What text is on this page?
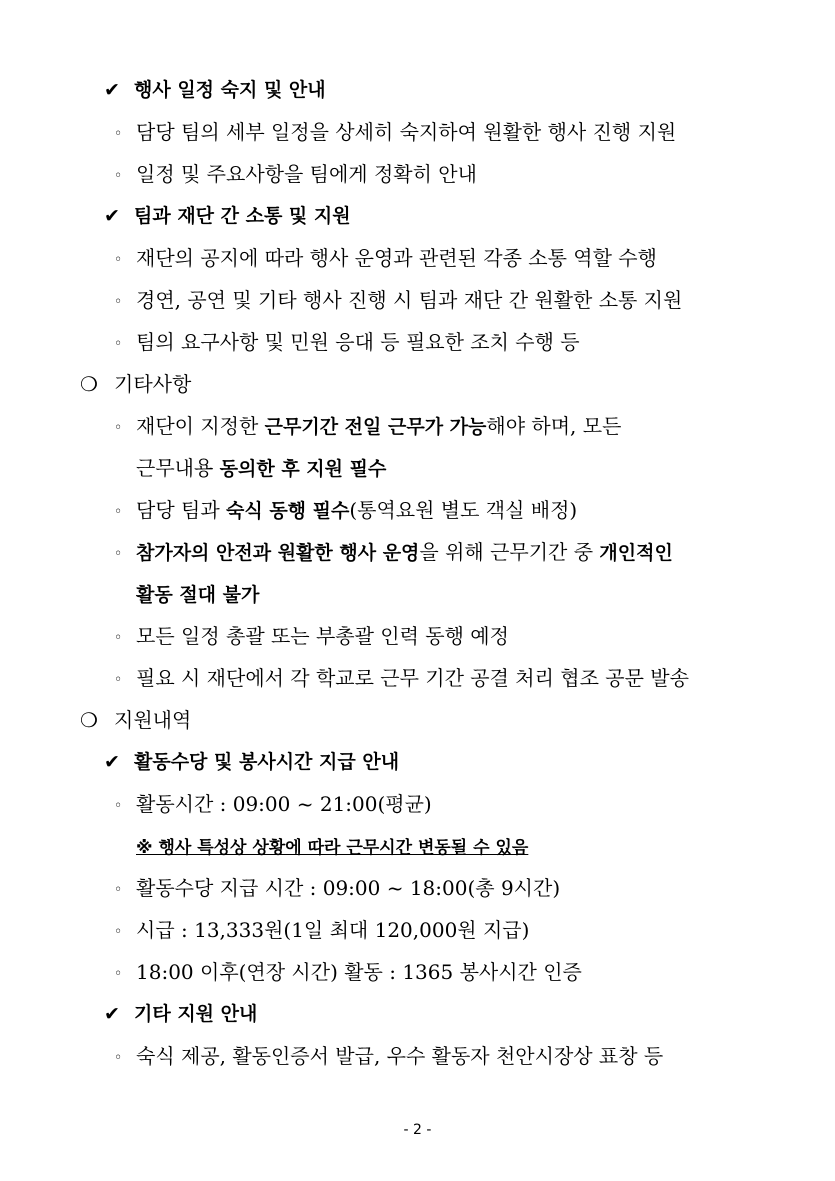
✔ 행사 일정 숙지 및 안내
◦ 담당 팀의 세부 일정을 상세히 숙지하여 원활한 행사 진행 지원
◦ 일정 및 주요사항을 팀에게 정확히 안내
✔ 팀과 재단 간 소통 및 지원
◦ 재단의 공지에 따라 행사 운영과 관련된 각종 소통 역할 수행
◦ 경연, 공연 및 기타 행사 진행 시 팀과 재단 간 원활한 소통 지원
◦ 팀의 요구사항 및 민원 응대 등 필요한 조치 수행 등
❍ 기타사항
◦ 재단이 지정한 근무기간 전일 근무가 가능해야 하며, 모든
근무내용 동의한 후 지원 필수
◦ 담당 팀과 숙식 동행 필수(통역요원 별도 객실 배정)
◦ 참가자의 안전과 원활한 행사 운영을 위해 근무기간 중 개인적인
활동 절대 불가
◦ 모든 일정 총괄 또는 부총괄 인력 동행 예정
◦ 필요 시 재단에서 각 학교로 근무 기간 공결 처리 협조 공문 발송
❍ 지원내역
✔ 활동수당 및 봉사시간 지급 안내
◦ 활동시간 : 09:00 ~ 21:00(평균)
※ 행사 특성상 상황에 따라 근무시간 변동될 수 있음
◦ 활동수당 지급 시간 : 09:00 ~ 18:00(총 9시간)
◦ 시급 : 13,333원(1일 최대 120,000원 지급)
◦ 18:00 이후(연장 시간) 활동 : 1365 봉사시간 인증
✔ 기타 지원 안내
◦ 숙식 제공, 활동인증서 발급, 우수 활동자 천안시장상 표창 등
- 2 -
